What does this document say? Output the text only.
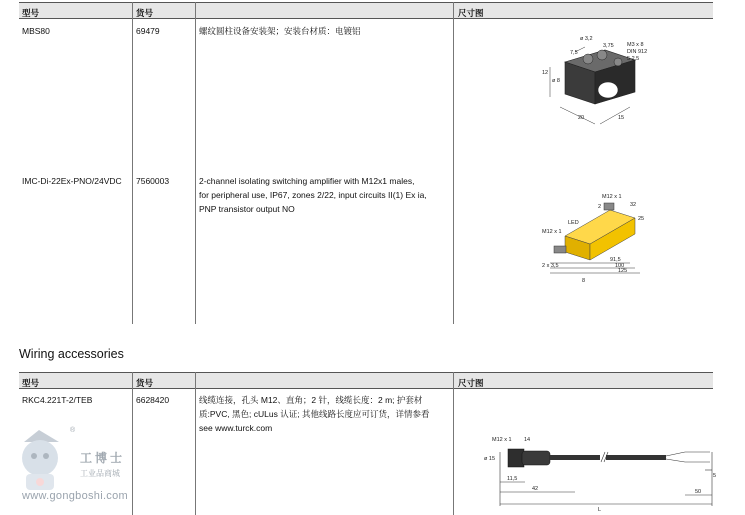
型号	货号	尺寸图
MBS80	69479	螺纹圆柱设备安装架；安装台材质：电镀铝
IMC-Di-22Ex-PNO/24VDC 7560003	2-channel isolating switching amplifier with M12x1 males,
for peripheral use, IP67, zones 2/22, input circuits II(1) Ex ia,
PNP transistor output NO
ø 3,2
3,75 M3 x 8
DIN 912
5 2,5
7,5
ø 8
12
20	15
M12 x 1
32
2
25
LED
M12 x 1
91,5
100
125
2 x 3,5
8
Wiring accessories
型号	货号	尺寸图
RKC4.221T-2/TEB	6628420	线缆连接，孔头 M12、直角；2 针，线缆长度：2 m; 护套材
质:PVC, 黑色; cULus 认证; 其他线路长度应可订货，详情参看
see www.turck.com
M12 x 1 14
ø 15
11,5
42	50
5
L
®
工博士
工业品商城
www.gongboshi.com
